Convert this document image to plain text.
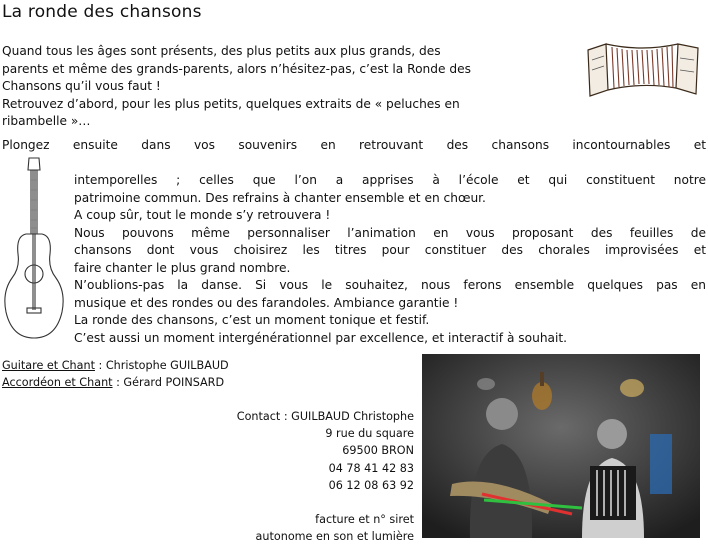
La ronde des chansons
Quand tous les âges sont présents, des plus petits aux plus grands, des
parents et même des grands-parents, alors n’hésitez-pas, c’est la Ronde des
Chansons qu’il vous faut !
Retrouvez d’abord, pour les plus petits, quelques extraits de « peluches en
ribambelle »…
Plongez ensuite dans vos souvenirs en retrouvant des chansons incontournables et
intemporelles ; celles que l’on a apprises à l’école et qui constituent notre
patrimoine commun. Des refrains à chanter ensemble et en chœur.
A coup sûr, tout le monde s’y retrouvera !
Nous pouvons même personnaliser l’animation en vous proposant des feuilles de
chansons dont vous choisirez les titres pour constituer des chorales improvisées et
faire chanter le plus grand nombre.
N’oublions-pas la danse. Si vous le souhaitez, nous ferons ensemble quelques pas en
musique et des rondes ou des farandoles. Ambiance garantie !
La ronde des chansons, c’est un moment tonique et festif.
C’est aussi un moment intergénérationnel par excellence, et interactif à souhait.
Guitare et Chant : Christophe GUILBAUD
Accordéon et Chant : Gérard POINSARD
Contact : GUILBAUD Christophe
9 rue du square
69500 BRON
04 78 41 42 83
06 12 08 63 92

facture et n° siret
autonome en son et lumière
